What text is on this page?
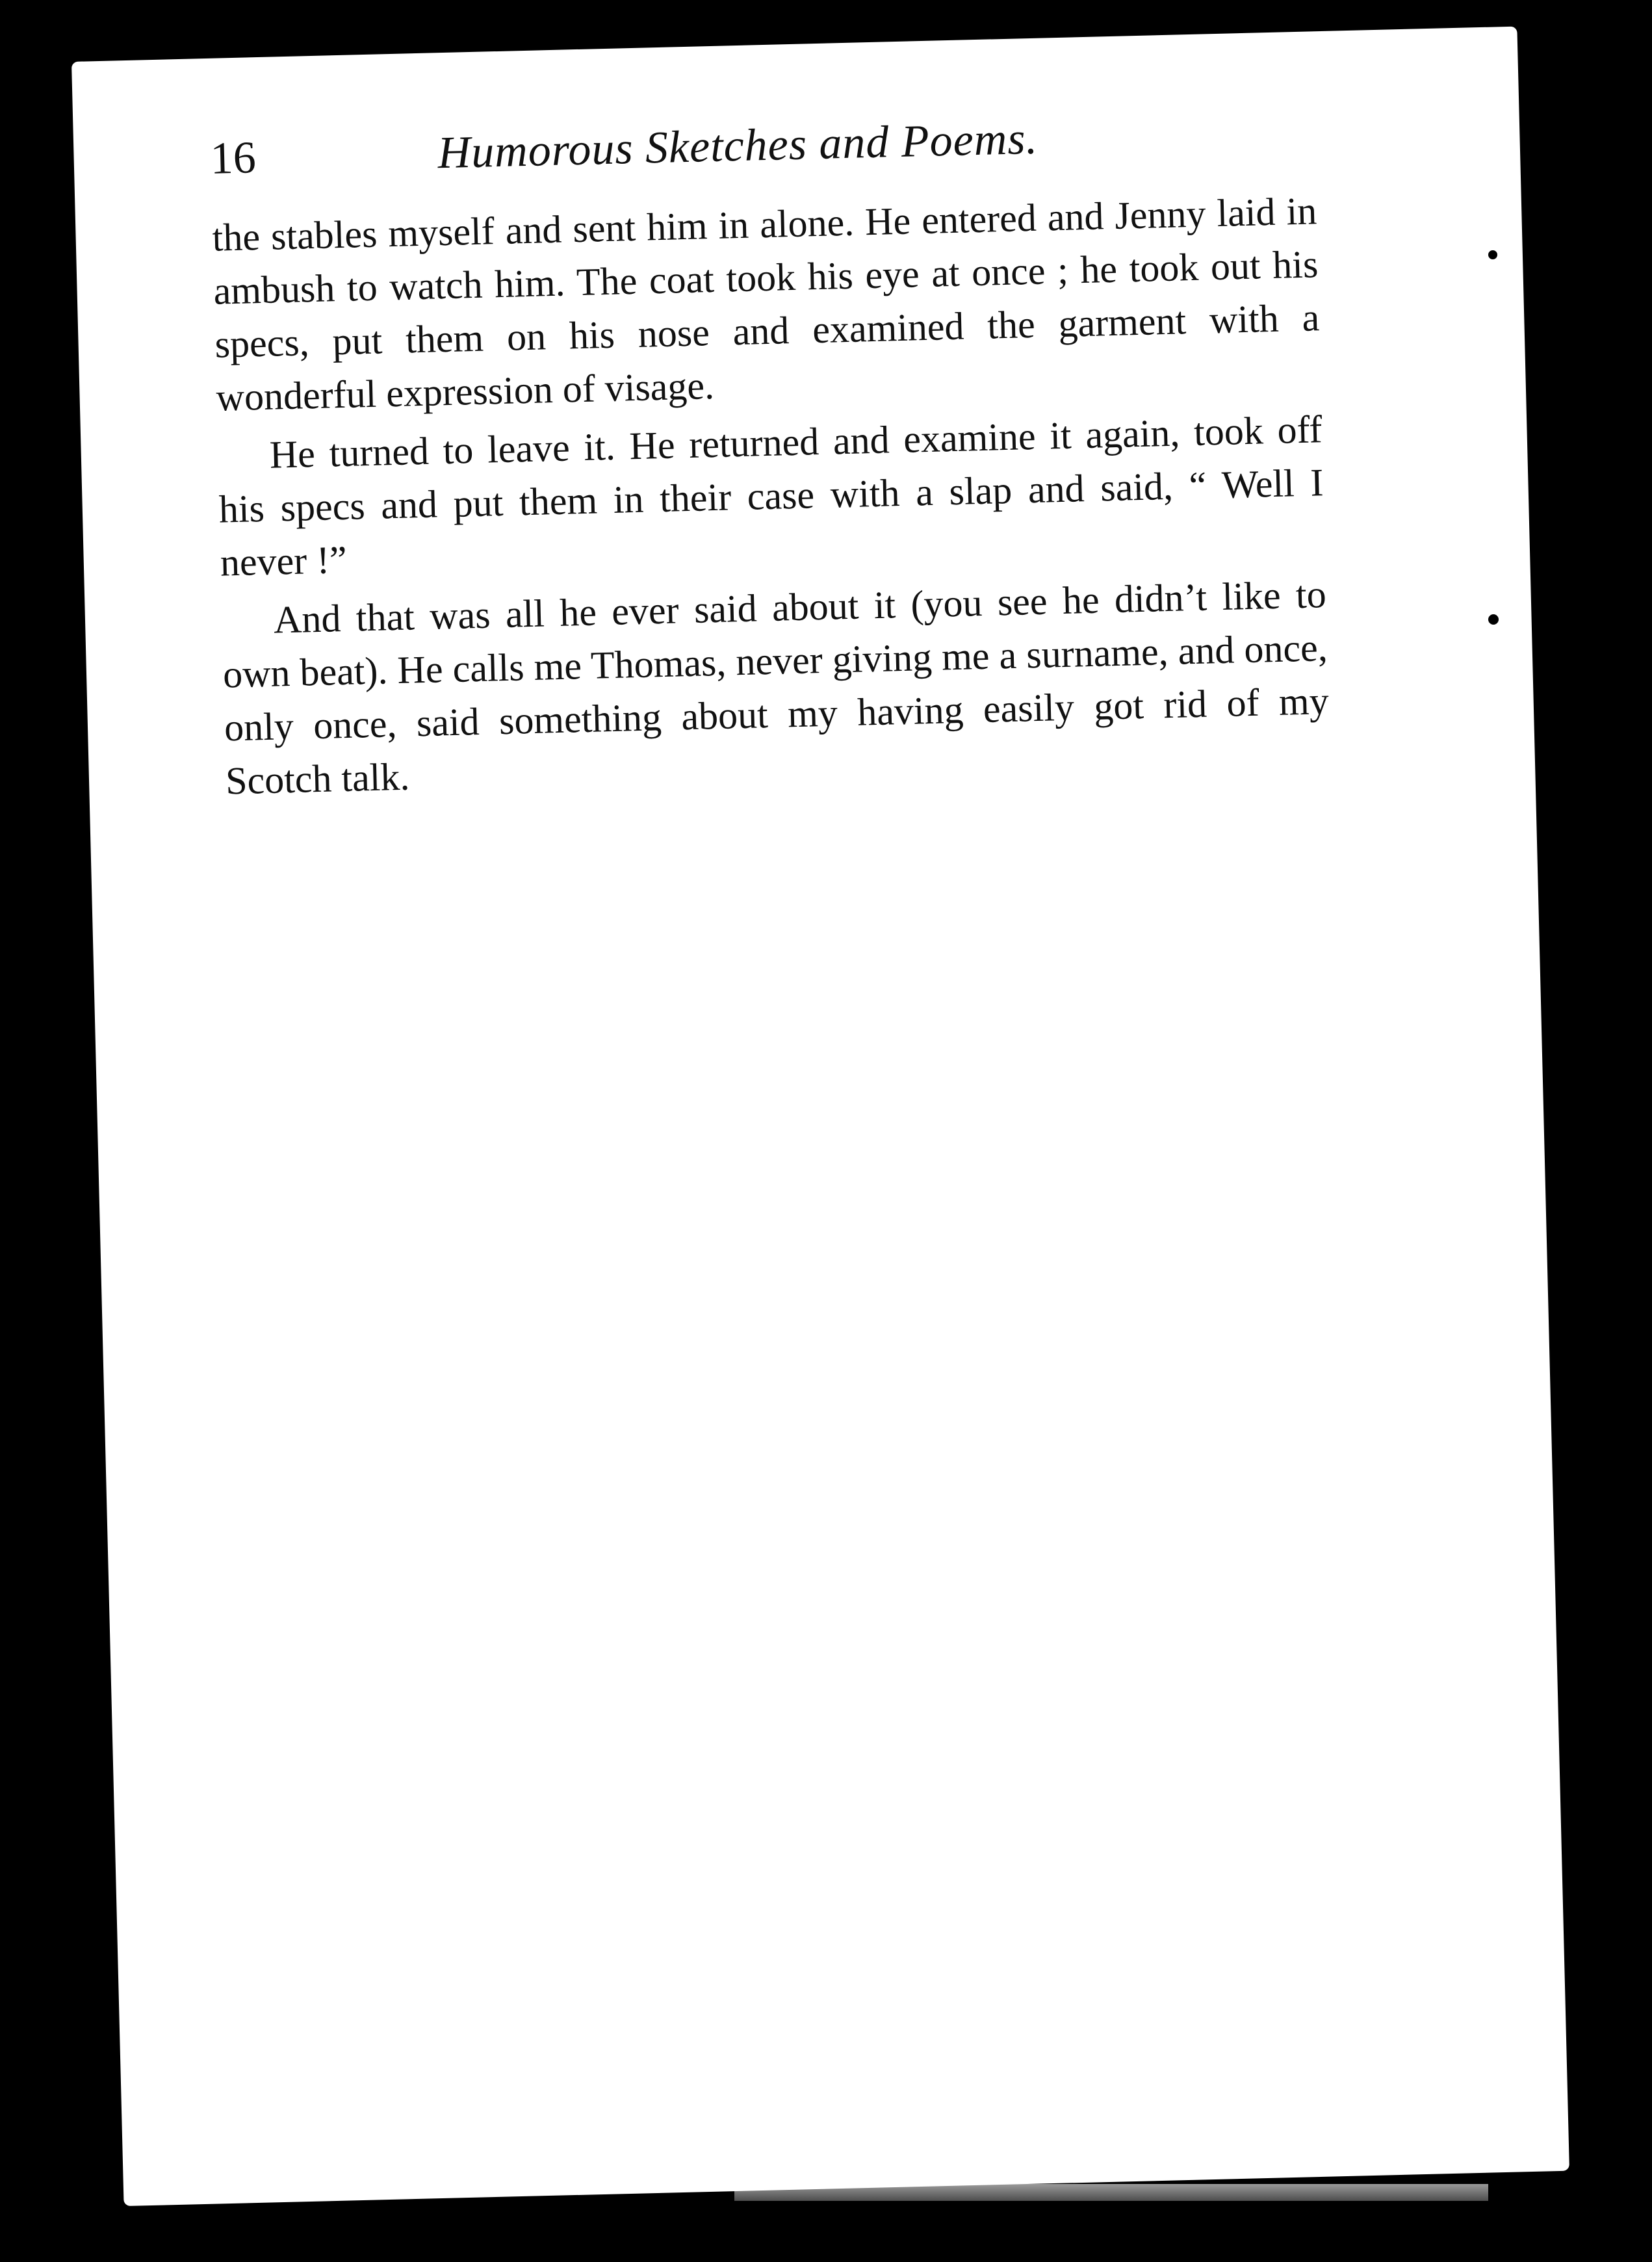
16	Humorous Sketches and Poems.

the stables myself and sent him in alone. He entered and Jenny laid in ambush to watch him. The coat took his eye at once ; he took out his specs, put them on his nose and examined the garment with a wonderful expression of visage.

He turned to leave it. He returned and examine it again, took off his specs and put them in their case with a slap and said, “ Well I never !”

And that was all he ever said about it (you see he didn’t like to own beat). He calls me Thomas, never giving me a surname, and once, only once, said something about my having easily got rid of my Scotch talk.
